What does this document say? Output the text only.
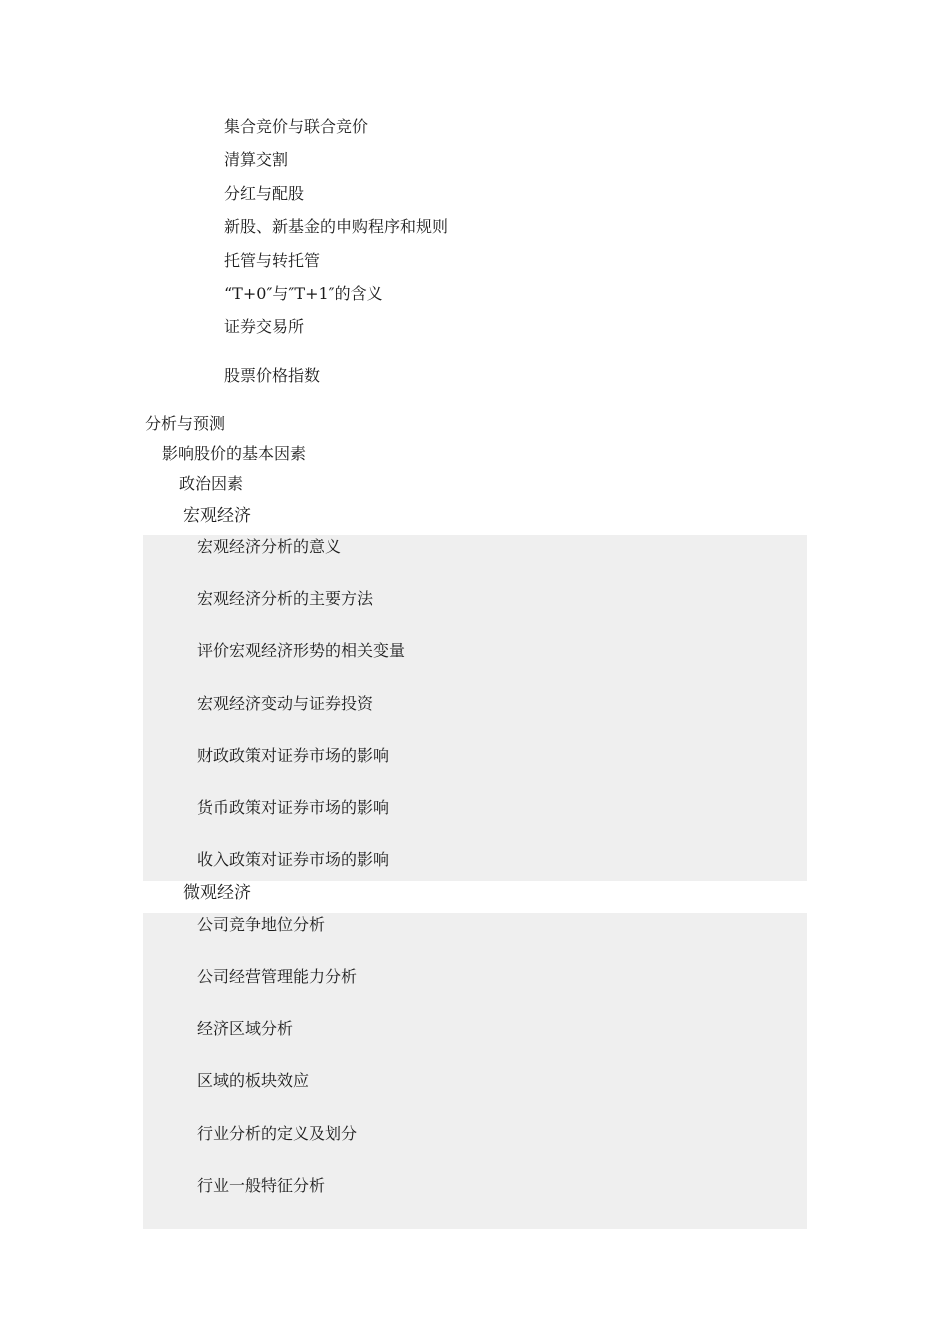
集合竞价与联合竞价
清算交割
分红与配股
新股、新基金的申购程序和规则
托管与转托管
“T+0″与″T+1″的含义
证券交易所
股票价格指数
分析与预测
影响股价的基本因素
政治因素
宏观经济
宏观经济分析的意义
宏观经济分析的主要方法
评价宏观经济形势的相关变量
宏观经济变动与证券投资
财政政策对证券市场的影响
货币政策对证券市场的影响
收入政策对证券市场的影响
微观经济
公司竞争地位分析
公司经营管理能力分析
经济区域分析
区域的板块效应
行业分析的定义及划分
行业一般特征分析
